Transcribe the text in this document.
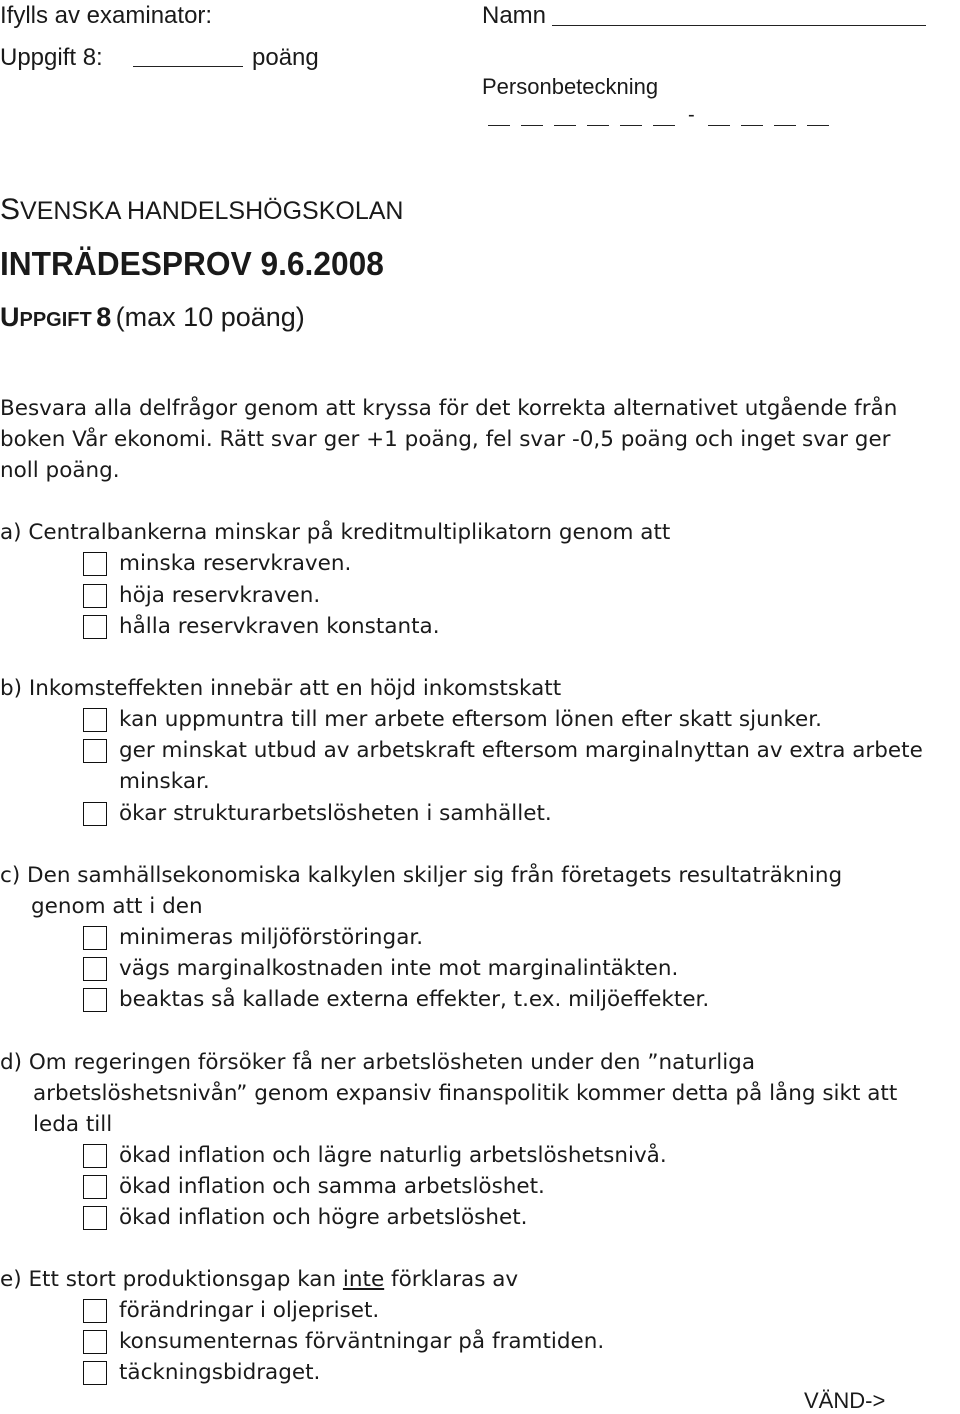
Ifylls av examinator:
Uppgift 8:	poäng
Namn
Personbeteckning
-
SVENSKA HANDELSHÖGSKOLAN
INTRÄDESPROV 9.6.2008
UPPGIFT 8 (max 10 poäng)
Besvara alla delfrågor genom att kryssa för det korrekta alternativet utgående från
boken Vår ekonomi. Rätt svar ger +1 poäng, fel svar -0,5 poäng och inget svar ger
noll poäng.
a) Centralbankerna minskar på kreditmultiplikatorn genom att
minska reservkraven.
höja reservkraven.
hålla reservkraven konstanta.
b) Inkomsteffekten innebär att en höjd inkomstskatt
kan uppmuntra till mer arbete eftersom lönen efter skatt sjunker.
ger minskat utbud av arbetskraft eftersom marginalnyttan av extra arbete
minskar.
ökar strukturarbetslösheten i samhället.
c) Den samhällsekonomiska kalkylen skiljer sig från företagets resultaträkning
genom att i den
minimeras miljöförstöringar.
vägs marginalkostnaden inte mot marginalintäkten.
beaktas så kallade externa effekter, t.ex. miljöeffekter.
d) Om regeringen försöker få ner arbetslösheten under den ”naturliga
arbetslöshetsnivån” genom expansiv finanspolitik kommer detta på lång sikt att
leda till
ökad inflation och lägre naturlig arbetslöshetsnivå.
ökad inflation och samma arbetslöshet.
ökad inflation och högre arbetslöshet.
e) Ett stort produktionsgap kan inte förklaras av
förändringar i oljepriset.
konsumenternas förväntningar på framtiden.
täckningsbidraget.
VÄND->
